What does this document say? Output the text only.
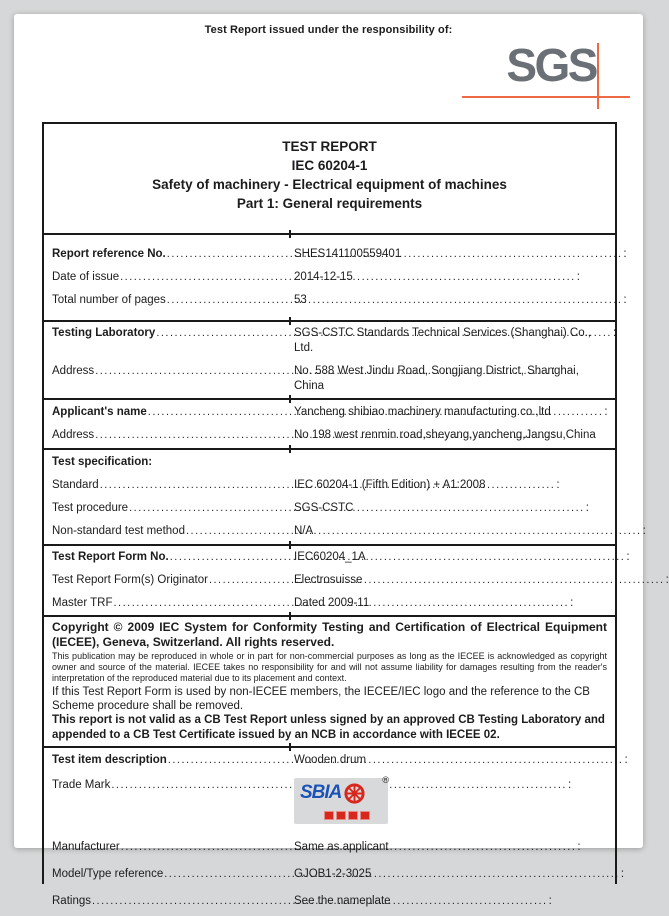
Test Report issued under the responsibility of:
SGS
TEST REPORT
IEC 60204-1
Safety of machinery - Electrical equipment of machines
Part 1: General requirements
Report reference No. ..... :	SHES141100559401
Date of issue ..... :	2014-12-15
Total number of pages ..... :	53
Testing Laboratory ..... :	SGS-CSTC Standards Technical Services (Shanghai) Co., Ltd.
Address ..... :	No. 588 West Jindu Road, Songjiang District, Shanghai, China
Applicant's name ..... :	Yancheng shibiao machinery manufacturing co.,ltd
Address ..... :	No 198 west renmin road,sheyang,yancheng,Jangsu,China
Test specification:
Standard ..... :	IEC 60204-1 (Fifth Edition) + A1:2008
Test procedure ..... :	SGS-CSTC
Non-standard test method ..... :	N/A
Test Report Form No. ..... :	IEC60204_1A
Test Report Form(s) Originator ..... :	Electrosuisse
Master TRF ..... :	Dated 2009-11
Copyright © 2009 IEC System for Conformity Testing and Certification of Electrical Equipment (IECEE), Geneva, Switzerland. All rights reserved.
This publication may be reproduced in whole or in part for non-commercial purposes as long as the IECEE is acknowledged as copyright owner and source of the material. IECEE takes no responsibility for and will not assume liability for damages resulting from the reader's interpretation of the reproduced material due to its placement and context.
If this Test Report Form is used by non-IECEE members, the IECEE/IEC logo and the reference to the CB Scheme procedure shall be removed.
This report is not valid as a CB Test Report unless signed by an approved CB Testing Laboratory and appended to a CB Test Certificate issued by an NCB in accordance with IECEE 02.
Test item description ..... :	Wooden drum
Trade Mark ..... :	SBIA
®
Manufacturer ..... :	Same as applicant
Model/Type reference ..... :	GJOB1-2-3025
Ratings ..... :	See the nameplate
